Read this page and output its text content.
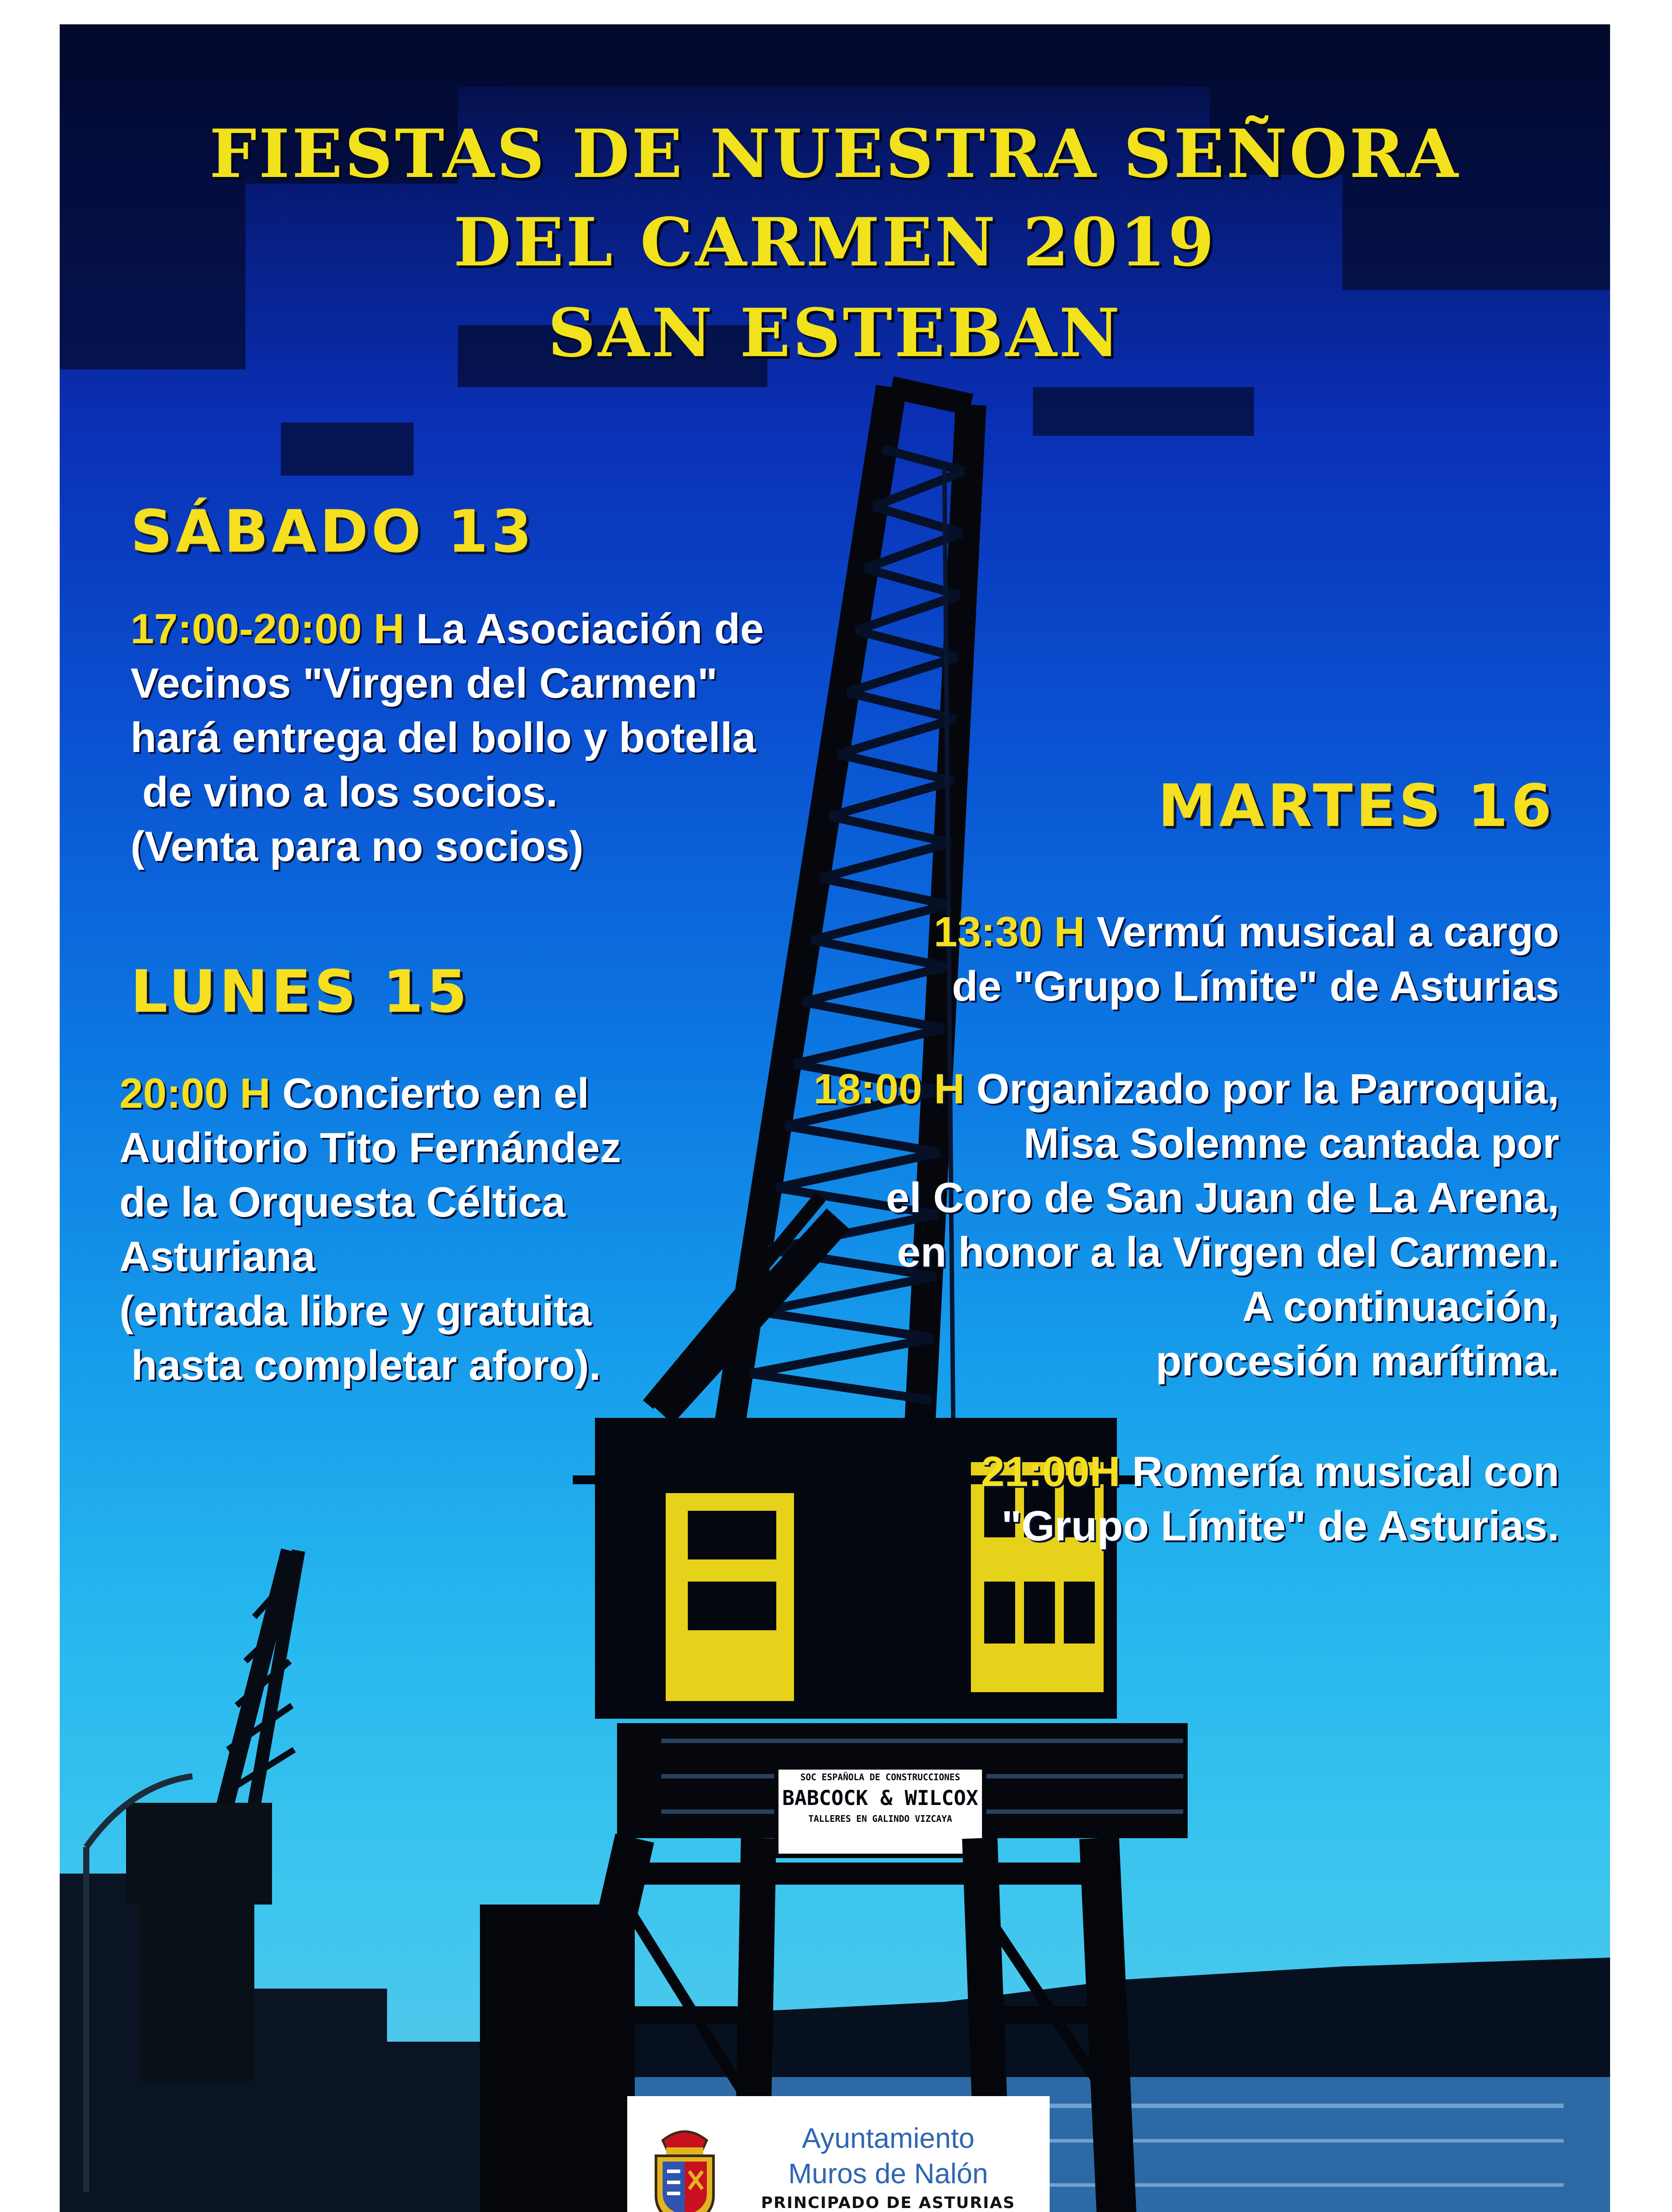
SOC ESPAÑOLA DE CONSTRUCCIONES
BABCOCK & WILCOX
TALLERES EN GALINDO VIZCAYA
FIESTAS DE NUESTRA SEÑORA
DEL CARMEN 2019
SAN ESTEBAN
SÁBADO 13
17:00-20:00 H La Asociación de
Vecinos "Virgen del Carmen"
hará entrega del bollo y botella
de vino a los socios.
(Venta para no socios)
LUNES 15
20:00 H Concierto en el
Auditorio Tito Fernández
de la Orquesta Céltica
Asturiana
(entrada libre y gratuita
hasta completar aforo).
MARTES 16
13:30 H Vermú musical a cargo
de "Grupo Límite" de Asturias
18:00 H Organizado por la Parroquia,
Misa Solemne cantada por
el Coro de San Juan de La Arena,
en honor a la Virgen del Carmen.
A continuación,
procesión marítima.
21:00H Romería musical con
"Grupo Límite" de Asturias.
Ayuntamiento
Muros de Nalón
PRINCIPADO DE ASTURIAS
